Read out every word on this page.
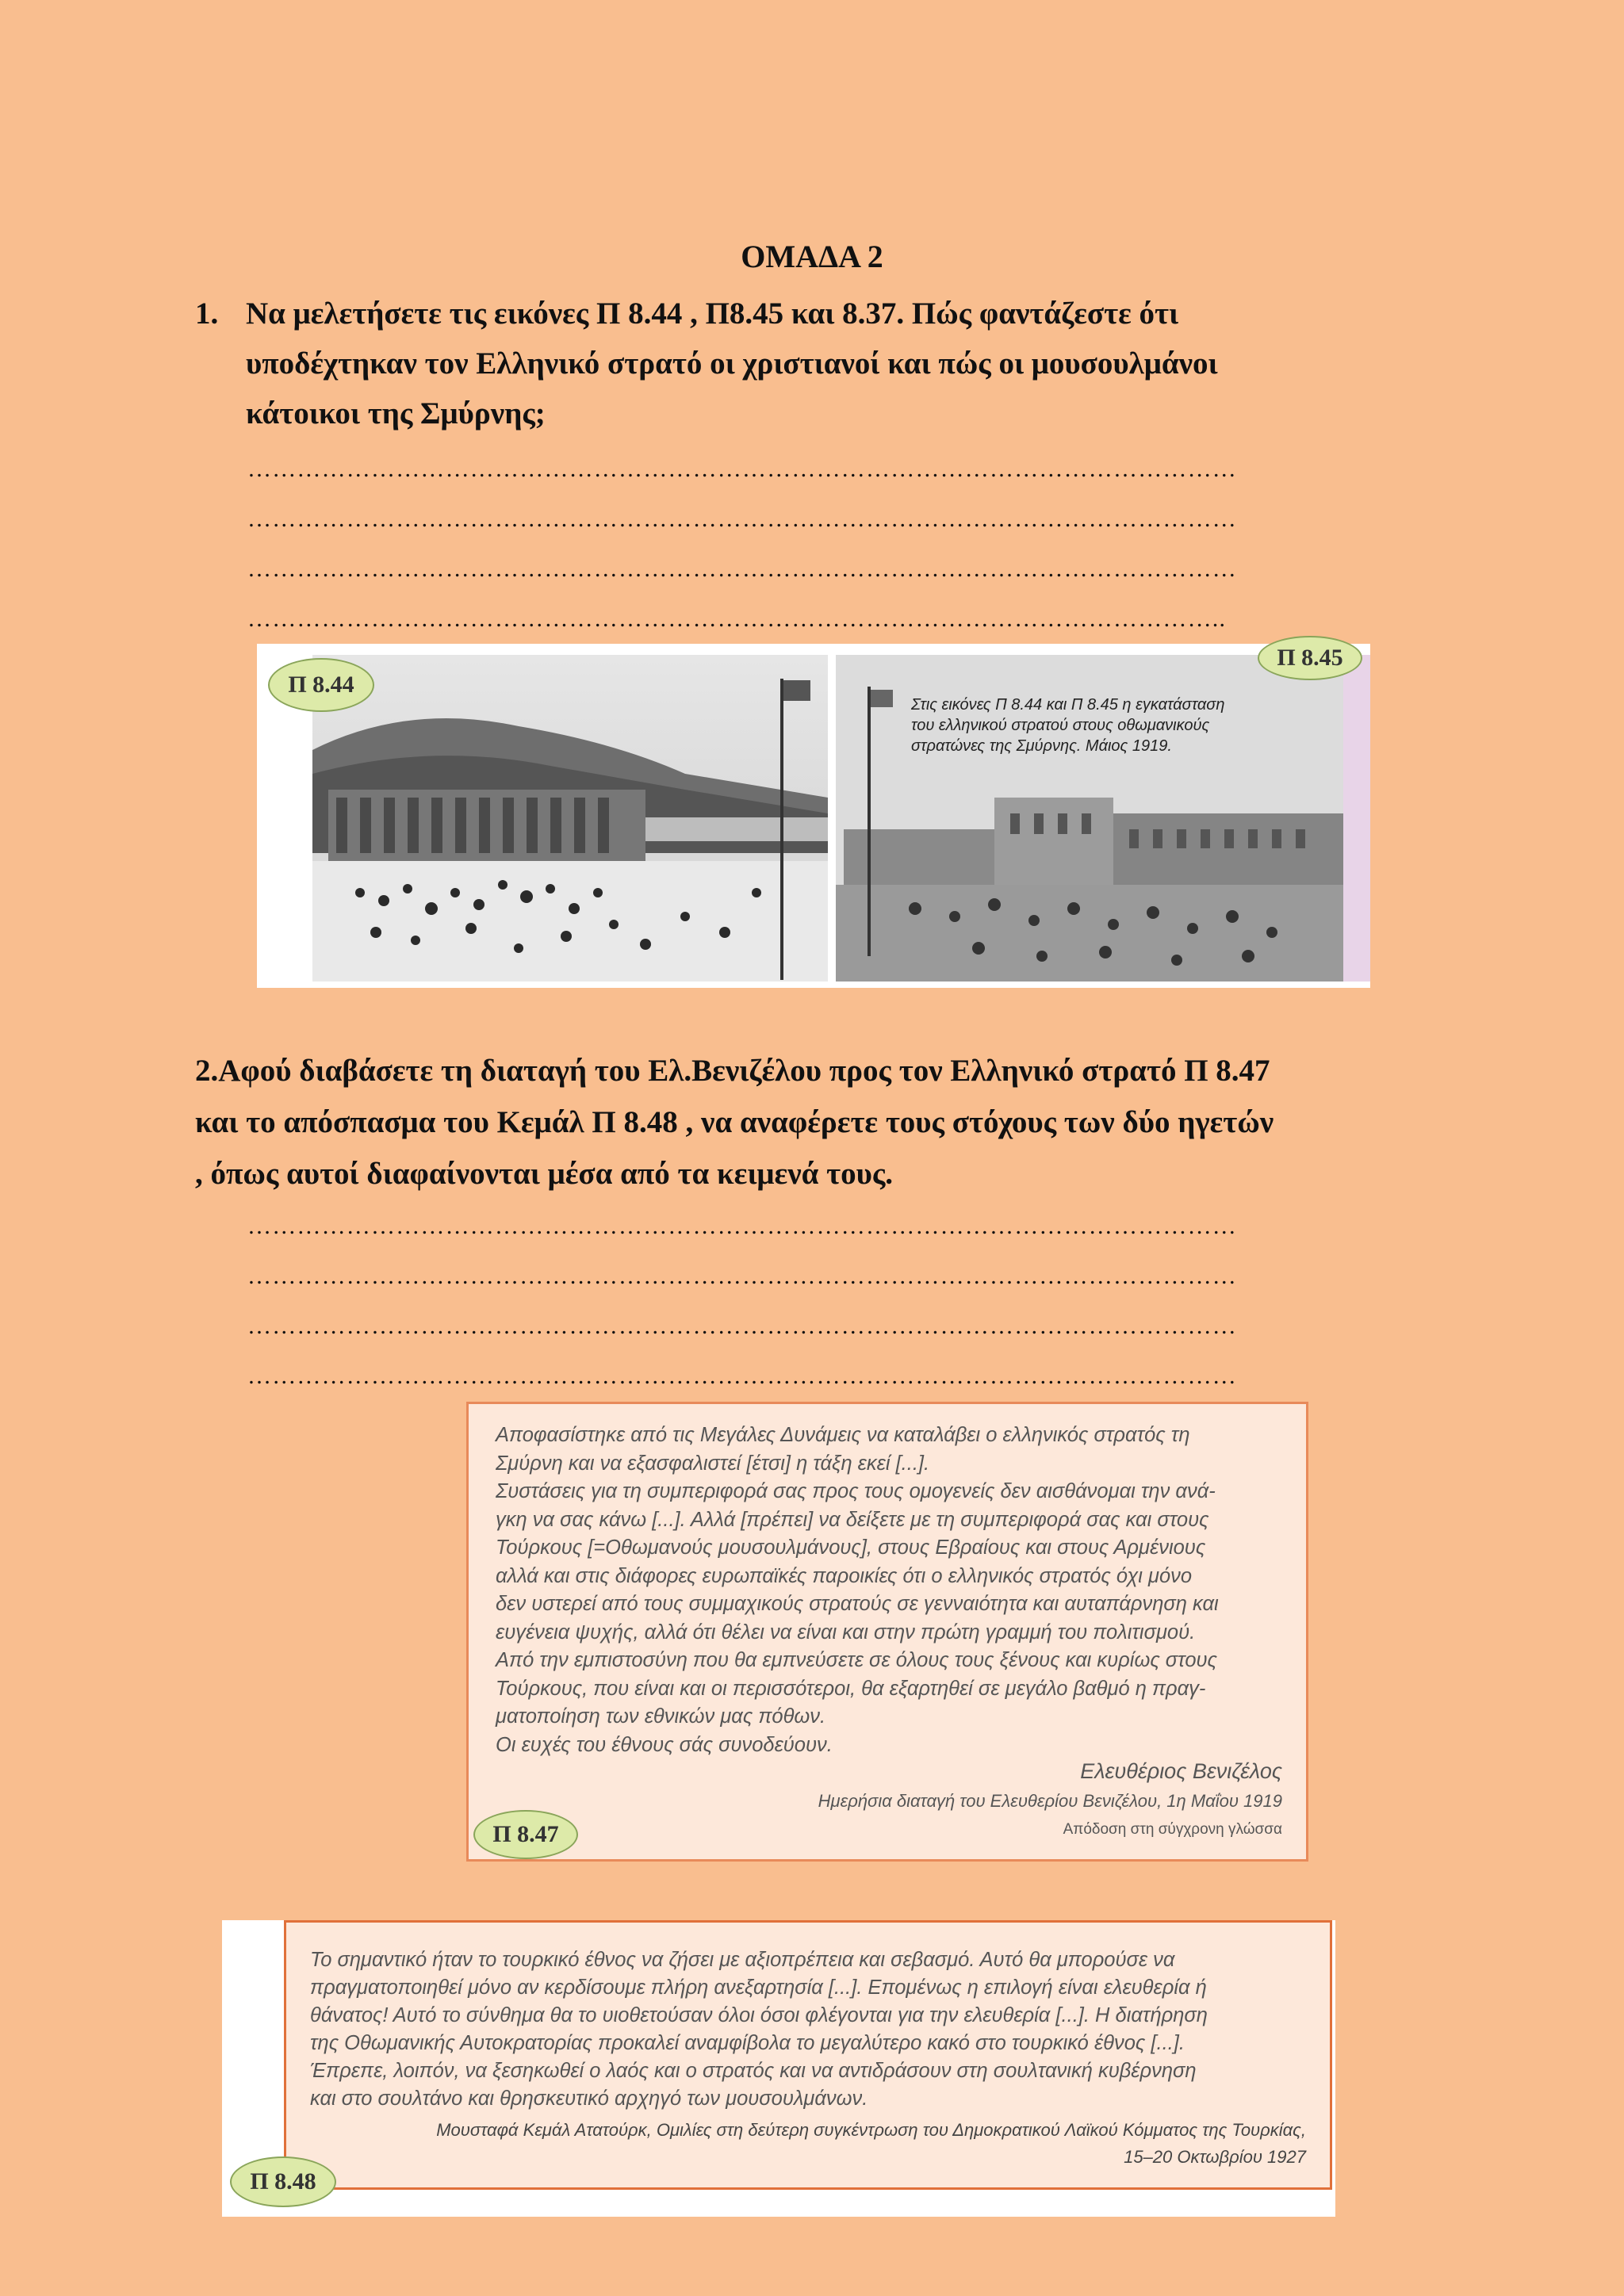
ΟΜΑΔΑ 2
1. Να μελετήσετε τις εικόνες Π 8.44 , Π8.45 και 8.37. Πώς φαντάζεστε ότι
υποδέχτηκαν τον Ελληνικό στρατό οι χριστιανοί και πώς οι μουσουλμάνοι
κάτοικοι της Σμύρνης;
…………………………………………………………………………………………………………
…………………………………………………………………………………………………………
…………………………………………………………………………………………………………
………………………………………………………………………………………………………..
Στις εικόνες Π 8.44 και Π 8.45 η εγκατάσταση
του ελληνικού στρατού στους οθωμανικούς
στρατώνες της Σμύρνης. Μάιος 1919.
Π 8.44
Π 8.45
2.Αφού διαβάσετε τη διαταγή του Ελ.Βενιζέλου προς τον Ελληνικό στρατό Π 8.47
και το απόσπασμα του Κεμάλ Π 8.48 , να αναφέρετε τους στόχους των δύο ηγετών
, όπως αυτοί διαφαίνονται μέσα από τα κειμενά τους.
…………………………………………………………………………………………………………
…………………………………………………………………………………………………………
…………………………………………………………………………………………………………
…………………………………………………………………………………………………………
Αποφασίστηκε από τις Μεγάλες Δυνάμεις να καταλάβει ο ελληνικός στρατός τη
Σμύρνη και να εξασφαλιστεί [έτσι] η τάξη εκεί [...].
Συστάσεις για τη συμπεριφορά σας προς τους ομογενείς δεν αισθάνομαι την ανά-
γκη να σας κάνω [...]. Αλλά [πρέπει] να δείξετε με τη συμπεριφορά σας και στους
Τούρκους [=Οθωμανούς μουσουλμάνους], στους Εβραίους και στους Αρμένιους
αλλά και στις διάφορες ευρωπαϊκές παροικίες ότι ο ελληνικός στρατός όχι μόνο
δεν υστερεί από τους συμμαχικούς στρατούς σε γενναιότητα και αυταπάρνηση και
ευγένεια ψυχής, αλλά ότι θέλει να είναι και στην πρώτη γραμμή του πολιτισμού.
Από την εμπιστοσύνη που θα εμπνεύσετε σε όλους τους ξένους και κυρίως στους
Τούρκους, που είναι και οι περισσότεροι, θα εξαρτηθεί σε μεγάλο βαθμό η πραγ-
ματοποίηση των εθνικών μας πόθων.
Οι ευχές του έθνους σάς συνοδεύουν.
Ελευθέριος Βενιζέλος
Ημερήσια διαταγή του Ελευθερίου Βενιζέλου, 1η Μαΐου 1919
Απόδοση στη σύγχρονη γλώσσα
Π 8.47
Το σημαντικό ήταν το τουρκικό έθνος να ζήσει με αξιοπρέπεια και σεβασμό. Αυτό θα μπορούσε να
πραγματοποιηθεί μόνο αν κερδίσουμε πλήρη ανεξαρτησία [...]. Επομένως η επιλογή είναι ελευθερία ή
θάνατος! Αυτό το σύνθημα θα το υιοθετούσαν όλοι όσοι φλέγονται για την ελευθερία [...]. Η διατήρηση
της Οθωμανικής Αυτοκρατορίας προκαλεί αναμφίβολα το μεγαλύτερο κακό στο τουρκικό έθνος [...].
Έπρεπε, λοιπόν, να ξεσηκωθεί ο λαός και ο στρατός και να αντιδράσουν στη σουλτανική κυβέρνηση
και στο σουλτάνο και θρησκευτικό αρχηγό των μουσουλμάνων.
Μουσταφά Κεμάλ Ατατούρκ, Ομιλίες στη δεύτερη συγκέντρωση του Δημοκρατικού Λαϊκού Κόμματος της Τουρκίας,
15–20 Οκτωβρίου 1927
Π 8.48
